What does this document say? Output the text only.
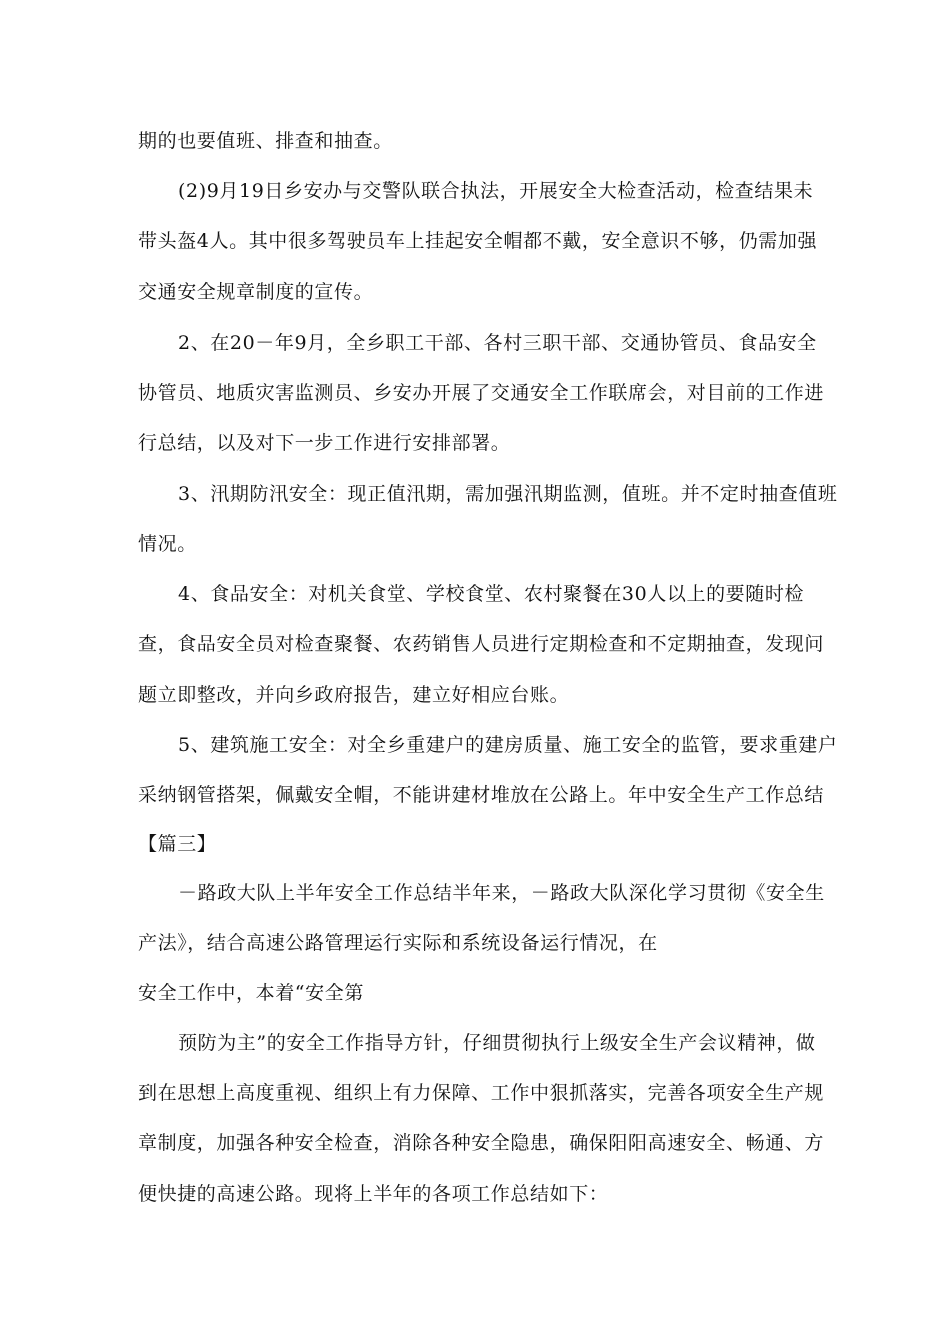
期的也要值班、排查和抽查。
(2)9月19日乡安办与交警队联合执法，开展安全大检查活动，检查结果未
带头盔4人。其中很多驾驶员车上挂起安全帽都不戴，安全意识不够，仍需加强
交通安全规章制度的宣传。
2、在20－年9月，全乡职工干部、各村三职干部、交通协管员、食品安全
协管员、地质灾害监测员、乡安办开展了交通安全工作联席会，对目前的工作进
行总结，以及对下一步工作进行安排部署。
3、汛期防汛安全：现正值汛期，需加强汛期监测，值班。并不定时抽查值班
情况。
4、食品安全：对机关食堂、学校食堂、农村聚餐在30人以上的要随时检
查，食品安全员对检查聚餐、农药销售人员进行定期检查和不定期抽查，发现问
题立即整改，并向乡政府报告，建立好相应台账。
5、建筑施工安全：对全乡重建户的建房质量、施工安全的监管，要求重建户
采纳钢管搭架，佩戴安全帽，不能讲建材堆放在公路上。年中安全生产工作总结
【篇三】
－路政大队上半年安全工作总结半年来，－路政大队深化学习贯彻《安全生
产法》，结合高速公路管理运行实际和系统设备运行情况，在
安全工作中，本着“安全第
预防为主”的安全工作指导方针，仔细贯彻执行上级安全生产会议精神，做
到在思想上高度重视、组织上有力保障、工作中狠抓落实，完善各项安全生产规
章制度，加强各种安全检查，消除各种安全隐患，确保阳阳高速安全、畅通、方
便快捷的高速公路。现将上半年的各项工作总结如下：
